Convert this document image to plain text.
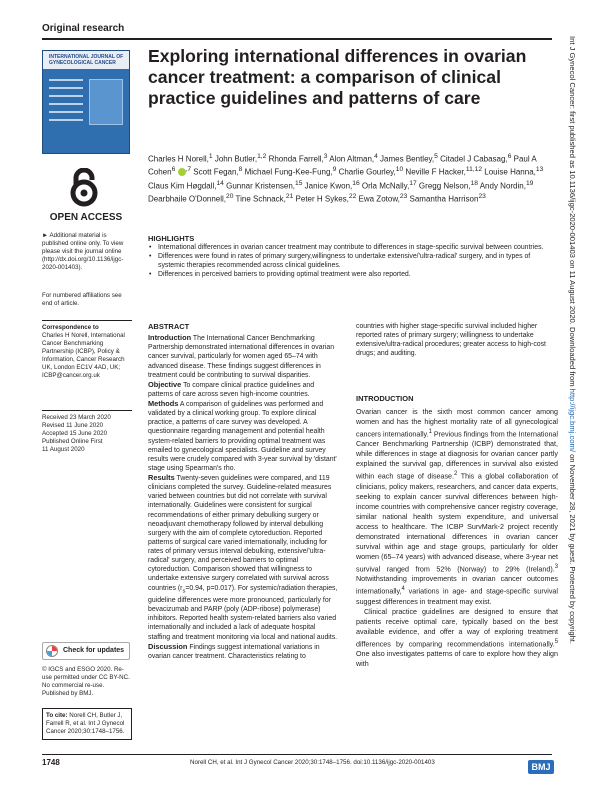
Original research
INTERNATIONAL JOURNAL OF GYNECOLOGICAL CANCER
OPEN ACCESS
► Additional material is published online only. To view please visit the journal online (http://dx.doi.org/10.1136/ijgc-2020-001403).
For numbered affiliations see end of article.
Correspondence to
Charles H Norell, International Cancer Benchmarking Partnership (ICBP), Policy & Information, Cancer Research UK, London EC1V 4AD, UK; ICBP@cancer.org.uk
Received 23 March 2020
Revised 11 June 2020
Accepted 15 June 2020
Published Online First
11 August 2020
Check for updates
© IGCS and ESGO 2020. Re-use permitted under CC BY-NC. No commercial re-use. Published by BMJ.
To cite: Norell CH, Butler J, Farrell R, et al. Int J Gynecol Cancer 2020;30:1748–1756.
Exploring international differences in ovarian cancer treatment: a comparison of clinical practice guidelines and patterns of care
Charles H Norell,$^1$ John Butler,$^{1,2}$ Rhonda Farrell,$^3$ Alon Altman,$^4$ James Bentley,$^5$ Citadel J Cabasag,$^6$ Paul A Cohen$^6$ $^{,7}$ Scott Fegan,$^8$ Michael Fung-Kee-Fung,$^9$ Charlie Gourley,$^{10}$ Neville F Hacker,$^{11,12}$ Louise Hanna,$^{13}$ Claus Kim Høgdall,$^{14}$ Gunnar Kristensen,$^{15}$ Janice Kwon,$^{16}$ Orla McNally,$^{17}$ Gregg Nelson,$^{18}$ Andy Nordin,$^{19}$ Dearbhaile O'Donnell,$^{20}$ Tine Schnack,$^{21}$ Peter H Sykes,$^{22}$ Ewa Zotow,$^{23}$ Samantha Harrison$^{23}$
HIGHLIGHTS
• International differences in ovarian cancer treatment may contribute to differences in stage-specific survival between countries.
• Differences were found in rates of primary surgery,willingness to undertake extensive/'ultra-radical' surgery, and in types of systemic therapies recommended across clinical guidelines.
• Differences in perceived barriers to providing optimal treatment were also reported.
ABSTRACT
Introduction The International Cancer Benchmarking Partnership demonstrated international differences in ovarian cancer survival, particularly for women aged 65–74 with advanced disease. These findings suggest differences in treatment could be contributing to survival disparities.
Objective To compare clinical practice guidelines and patterns of care across seven high-income countries.
Methods A comparison of guidelines was performed and validated by a clinical working group. To explore clinical practice, a patterns of care survey was developed. A questionnaire regarding management and potential health system-related barriers to providing optimal treatment was emailed to gynecological specialists. Guideline and survey results were crudely compared with 3-year survival by 'distant' stage using Spearman's rho.
Results Twenty-seven guidelines were compared, and 119 clinicians completed the survey. Guideline-related measures varied between countries but did not correlate with survival internationally. Guidelines were consistent for surgical recommendations of either primary debulking surgery or neoadjuvant chemotherapy followed by interval debulking surgery with the aim of complete cytoreduction. Reported patterns of surgical care varied internationally, including for rates of primary versus interval debulking, extensive/'ultra-radical' surgery, and perceived barriers to optimal cytoreduction. Comparison showed that willingness to undertake extensive surgery correlated with survival across countries ($r_s=0.94$, p=0.017). For systemic/radiation therapies, guideline differences were more pronounced, particularly for bevacizumab and PARP (poly (ADP-ribose) polymerase) inhibitors. Reported health system-related barriers also varied internationally and included a lack of adequate hospital staffing and treatment monitoring via local and national audits.
Discussion Findings suggest international variations in ovarian cancer treatment. Characteristics relating to
countries with higher stage-specific survival included higher reported rates of primary surgery; willingness to undertake extensive/ultra-radical procedures; greater access to high-cost drugs; and auditing.
INTRODUCTION

Ovarian cancer is the sixth most common cancer among women and has the highest mortality rate of all gynecological cancers internationally.$^1$ Previous findings from the International Cancer Benchmarking Partnership (ICBP) demonstrated that, while differences in stage at diagnosis for ovarian cancer partly explained the survival gap, differences in survival also existed within each stage of disease.$^2$ This a global collaboration of clinicians, policy makers, researchers, and cancer data experts, seeking to explain cancer survival differences between high-income countries with comprehensive cancer registry coverage, similar national health system expenditure, and universal access to healthcare. The ICBP SurvMark-2 project recently demonstrated international differences in ovarian cancer survival within age and stage groups, particularly for older women (65–74 years) with advanced disease, where 3-year net survival ranged from 52% (Norway) to 29% (Ireland).$^3$ Notwithstanding improvements in ovarian cancer outcomes internationally,$^4$ variations in age- and stage-specific survival suggest differences in treatment may exist.

Clinical practice guidelines are designed to ensure that patients receive optimal care, typically based on the best available evidence, and offer a way of exploring treatment differences by comparing recommendations internationally.$^5$ One also investigates patterns of care to explore how they align with

Int J Gynecol Cancer: first published as 10.1136/ijgc-2020-001403 on 11 August 2020. Downloaded from http://ijgc.bmj.com/ on November 28, 2021 by guest. Protected by copyright.
1748	Norell CH, et al. Int J Gynecol Cancer 2020;30:1748–1756. doi:10.1136/ijgc-2020-001403	BMJ
